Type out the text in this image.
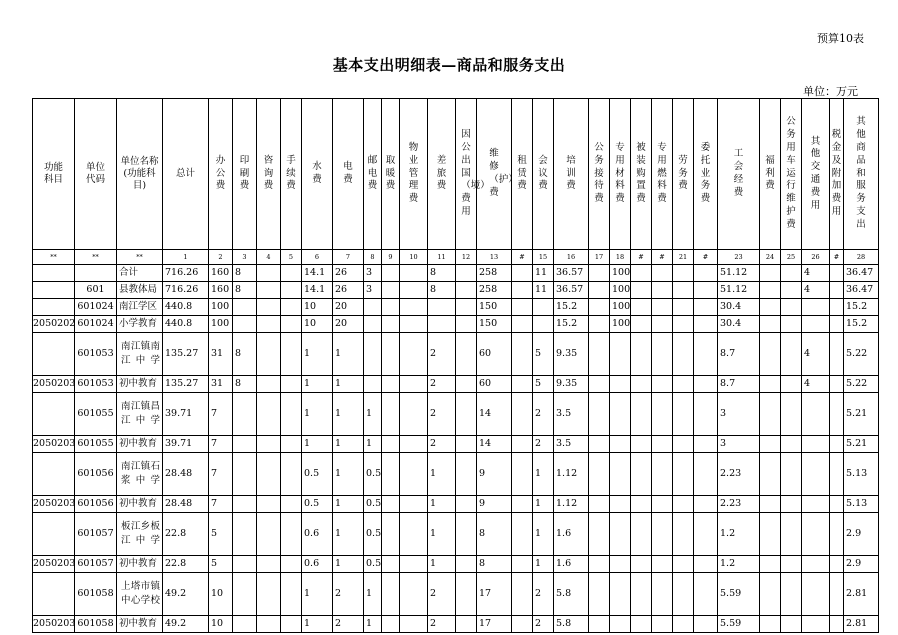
预算10表
基本支出明细表—商品和服务支出
单位：万元
功能科目	单位代码	单位名称(功能科目)	总计	办公费	印刷费	咨询费	手续费	水费	电费	邮电费	取暖费	物业管理费	差旅费	因公出国（境）费用	维修（护）费	租赁费	会议费	培训费	公务接待费	专用材料费	被装购置费	专用燃料费	劳务费	委托业务费	工会经费	福利费	公务用车运行维护费	其他交通费用	税金及附加费用	其他商品和服务支出
**	**	**	1	2	3	4	5	6	7	8	9	10	11	12	13	#	15	16	17	18	#	#	21	#	23	24	25	26	#	28
		合计	716.26	160	8			14.1	26	3			8		258		11	36.57		100					51.12			4		36.47
	601	县教体局	716.26	160	8			14.1	26	3			8		258		11	36.57		100					51.12			4		36.47
	601024	南江学区	440.8	100				10	20						150			15.2		100					30.4					15.2
2050202	601024	小学教育	440.8	100				10	20						150			15.2		100					30.4					15.2
	601053	南江镇南江中学	135.27	31	8			1	1				2		60		5	9.35							8.7			4		5.22
2050203	601053	初中教育	135.27	31	8			1	1				2		60		5	9.35							8.7			4		5.22
	601055	南江镇昌江中学	39.71	7				1	1	1			2		14		2	3.5							3					5.21
2050203	601055	初中教育	39.71	7				1	1	1			2		14		2	3.5							3					5.21
	601056	南江镇石浆中学	28.48	7				0.5	1	0.5			1		9		1	1.12							2.23					5.13
2050203	601056	初中教育	28.48	7				0.5	1	0.5			1		9		1	1.12							2.23					5.13
	601057	板江乡板江中学	22.8	5				0.6	1	0.5			1		8		1	1.6							1.2					2.9
2050203	601057	初中教育	22.8	5				0.6	1	0.5			1		8		1	1.6							1.2					2.9
	601058	上塔市镇中心学校	49.2	10				1	2	1			2		17		2	5.8							5.59					2.81
2050203	601058	初中教育	49.2	10				1	2	1			2		17		2	5.8							5.59					2.81
